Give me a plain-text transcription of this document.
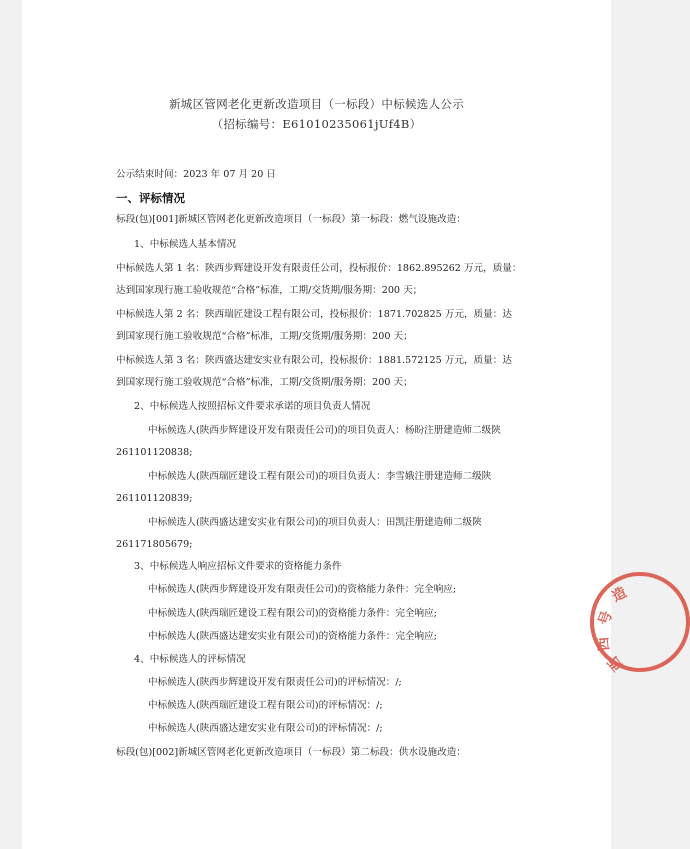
新城区管网老化更新改造项目（一标段）中标候选人公示
（招标编号：E61010235061jUf4B）
公示结束时间：2023 年 07 月 20 日
一、评标情况
标段(包)[001]新城区管网老化更新改造项目（一标段）第一标段：燃气设施改造：
1、中标候选人基本情况
中标候选人第 1 名：陕西步辉建设开发有限责任公司，投标报价：1862.895262 万元，质量：
达到国家现行施工验收规范“合格”标准，工期/交货期/服务期：200 天；
中标候选人第 2 名：陕西瑞匠建设工程有限公司，投标报价：1871.702825 万元，质量：达
到国家现行施工验收规范“合格”标准，工期/交货期/服务期：200 天；
中标候选人第 3 名：陕西盛达建安实业有限公司，投标报价：1881.572125 万元，质量：达
到国家现行施工验收规范“合格”标准，工期/交货期/服务期：200 天；
2、中标候选人按照招标文件要求承诺的项目负责人情况
中标候选人(陕西步辉建设开发有限责任公司)的项目负责人：杨盼注册建造师二级陕
261101120838;
中标候选人(陕西瑞匠建设工程有限公司)的项目负责人：李雪娥注册建造师二级陕
261101120839;
中标候选人(陕西盛达建安实业有限公司)的项目负责人：田凯注册建造师二级陕
261171805679;
3、中标候选人响应招标文件要求的资格能力条件
中标候选人(陕西步辉建设开发有限责任公司)的资格能力条件：完全响应;
中标候选人(陕西瑞匠建设工程有限公司)的资格能力条件：完全响应;
中标候选人(陕西盛达建安实业有限公司)的资格能力条件：完全响应;
4、中标候选人的评标情况
中标候选人(陕西步辉建设开发有限责任公司)的评标情况：/;
中标候选人(陕西瑞匠建设工程有限公司)的评标情况：/;
中标候选人(陕西盛达建安实业有限公司)的评标情况：/;
标段(包)[002]新城区管网老化更新改造项目（一标段）第二标段：供水设施改造：
造
号
西
西
